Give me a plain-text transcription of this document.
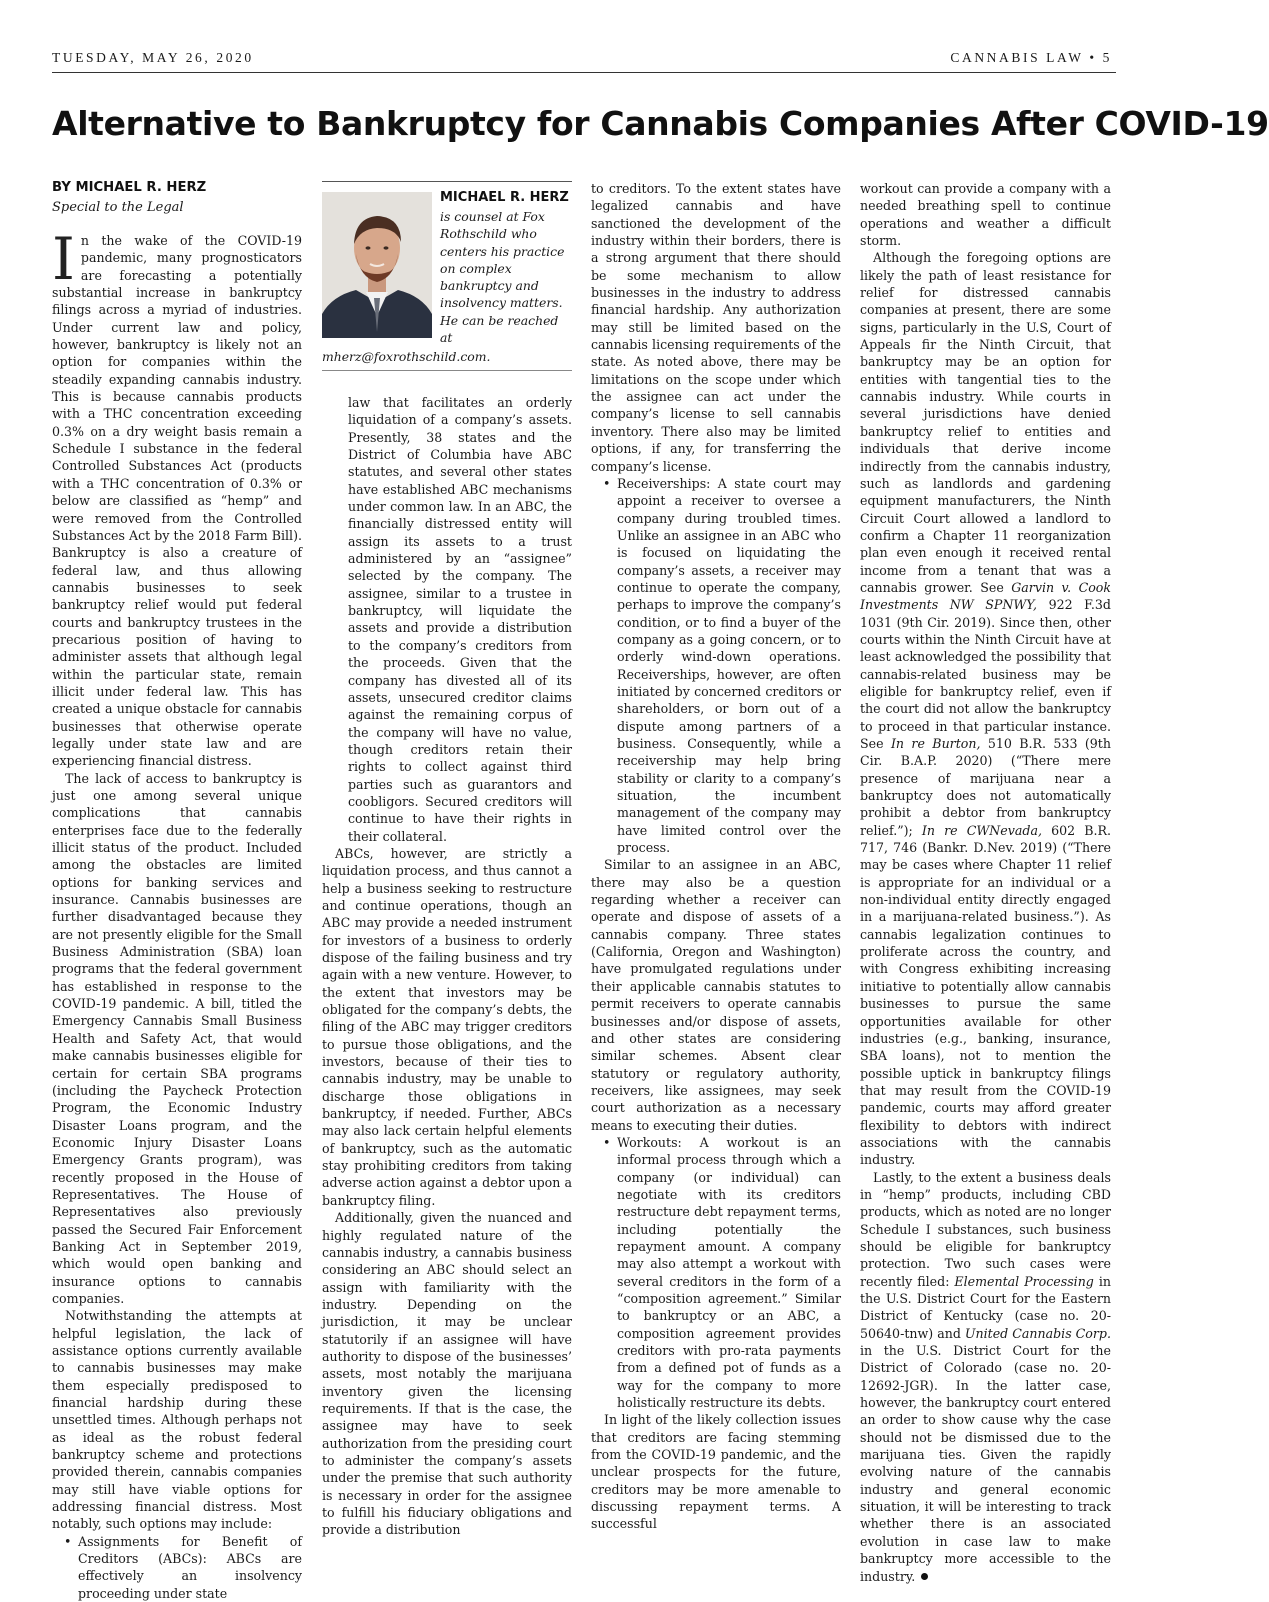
TUESDAY, MAY 26, 2020	CANNABIS LAW • 5
Alternative to Bankruptcy for Cannabis Companies After COVID-19
BY MICHAEL R. HERZ
Special to the Legal

In the wake of the COVID-19 pandemic, many prognosticators are forecasting a potentially substantial increase in bankruptcy filings across a myriad of industries. Under current law and policy, however, bankruptcy is likely not an option for companies within the steadily expanding cannabis industry. This is because cannabis products with a THC concentration exceeding 0.3% on a dry weight basis remain a Schedule I substance in the federal Controlled Substances Act (products with a THC concentration of 0.3% or below are classified as “hemp” and were removed from the Controlled Substances Act by the 2018 Farm Bill). Bankruptcy is also a creature of federal law, and thus allowing cannabis businesses to seek bankruptcy relief would put federal courts and bankruptcy trustees in the precarious position of having to administer assets that although legal within the particular state, remain illicit under federal law. This has created a unique obstacle for cannabis businesses that otherwise operate legally under state law and are experiencing financial distress.

The lack of access to bankruptcy is just one among several unique complications that cannabis enterprises face due to the federally illicit status of the product. Included among the obstacles are limited options for banking services and insurance. Cannabis businesses are further disadvantaged because they are not presently eligible for the Small Business Administration (SBA) loan programs that the federal government has established in response to the COVID-19 pandemic. A bill, titled the Emergency Cannabis Small Business Health and Safety Act, that would make cannabis businesses eligible for certain for certain SBA programs (including the Paycheck Protection Program, the Economic Industry Disaster Loans program, and the Economic Injury Disaster Loans Emergency Grants program), was recently proposed in the House of Representatives. The House of Representatives also previously passed the Secured Fair Enforcement Banking Act in September 2019, which would open banking and insurance options to cannabis companies.

Notwithstanding the attempts at helpful legislation, the lack of assistance options currently available to cannabis businesses may make them especially predisposed to financial hardship during these unsettled times. Although perhaps not as ideal as the robust federal bankruptcy scheme and protections provided therein, cannabis companies may still have viable options for addressing financial distress. Most notably, such options may include:

• Assignments for Benefit of Creditors (ABCs): ABCs are effectively an insolvency proceeding under state
MICHAEL R. HERZ
is counsel at Fox Rothschild who centers his practice on complex bankruptcy and insolvency matters. He can be reached at
mherz@foxrothschild.com.
law that facilitates an orderly liquidation of a company’s assets. Presently, 38 states and the District of Columbia have ABC statutes, and several other states have established ABC mechanisms under common law. In an ABC, the financially distressed entity will assign its assets to a trust administered by an “assignee” selected by the company. The assignee, similar to a trustee in bankruptcy, will liquidate the assets and provide a distribution to the company’s creditors from the proceeds. Given that the company has divested all of its assets, unsecured creditor claims against the remaining corpus of the company will have no value, though creditors retain their rights to collect against third parties such as guarantors and coobligors. Secured creditors will continue to have their rights in their collateral.

ABCs, however, are strictly a liquidation process, and thus cannot a help a business seeking to restructure and continue operations, though an ABC may provide a needed instrument for investors of a business to orderly dispose of the failing business and try again with a new venture. However, to the extent that investors may be obligated for the company’s debts, the filing of the ABC may trigger creditors to pursue those obligations, and the investors, because of their ties to cannabis industry, may be unable to discharge those obligations in bankruptcy, if needed. Further, ABCs may also lack certain helpful elements of bankruptcy, such as the automatic stay prohibiting creditors from taking adverse action against a debtor upon a bankruptcy filing.

Additionally, given the nuanced and highly regulated nature of the cannabis industry, a cannabis business considering an ABC should select an assign with familiarity with the industry. Depending on the jurisdiction, it may be unclear statutorily if an assignee will have authority to dispose of the businesses’ assets, most notably the marijuana inventory given the licensing requirements. If that is the case, the assignee may have to seek authorization from the presiding court to administer the company’s assets under the premise that such authority is necessary in order for the assignee to fulfill his fiduciary obligations and provide a distribution

to creditors. To the extent states have legalized cannabis and have sanctioned the development of the industry within their borders, there is a strong argument that there should be some mechanism to allow businesses in the industry to address financial hardship. Any authorization may still be limited based on the cannabis licensing requirements of the state. As noted above, there may be limitations on the scope under which the assignee can act under the company’s license to sell cannabis inventory. There also may be limited options, if any, for transferring the company’s license.

• Receiverships: A state court may appoint a receiver to oversee a company during troubled times. Unlike an assignee in an ABC who is focused on liquidating the company’s assets, a receiver may continue to operate the company, perhaps to improve the company’s condition, or to find a buyer of the company as a going concern, or to orderly wind-down operations. Receiverships, however, are often initiated by concerned creditors or shareholders, or born out of a dispute among partners of a business. Consequently, while a receivership may help bring stability or clarity to a company’s situation, the incumbent management of the company may have limited control over the process.

Similar to an assignee in an ABC, there may also be a question regarding whether a receiver can operate and dispose of assets of a cannabis company. Three states (California, Oregon and Washington) have promulgated regulations under their applicable cannabis statutes to permit receivers to operate cannabis businesses and/or dispose of assets, and other states are considering similar schemes. Absent clear statutory or regulatory authority, receivers, like assignees, may seek court authorization as a necessary means to executing their duties.

• Workouts: A workout is an informal process through which a company (or individual) can negotiate with its creditors restructure debt repayment terms, including potentially the repayment amount. A company may also attempt a workout with several creditors in the form of a “composition agreement.” Similar to bankruptcy or an ABC, a composition agreement provides creditors with pro-rata payments from a defined pot of funds as a way for the company to more holistically restructure its debts.

In light of the likely collection issues that creditors are facing stemming from the COVID-19 pandemic, and the unclear prospects for the future, creditors may be more amenable to discussing repayment terms. A successful

workout can provide a company with a needed breathing spell to continue operations and weather a difficult storm.

Although the foregoing options are likely the path of least resistance for relief for distressed cannabis companies at present, there are some signs, particularly in the U.S, Court of Appeals fir the Ninth Circuit, that bankruptcy may be an option for entities with tangential ties to the cannabis industry. While courts in several jurisdictions have denied bankruptcy relief to entities and individuals that derive income indirectly from the cannabis industry, such as landlords and gardening equipment manufacturers, the Ninth Circuit Court allowed a landlord to confirm a Chapter 11 reorganization plan even enough it received rental income from a tenant that was a cannabis grower. See Garvin v. Cook Investments NW SPNWY, 922 F.3d 1031 (9th Cir. 2019). Since then, other courts within the Ninth Circuit have at least acknowledged the possibility that cannabis-related business may be eligible for bankruptcy relief, even if the court did not allow the bankruptcy to proceed in that particular instance. See In re Burton, 510 B.R. 533 (9th Cir. B.A.P. 2020) (“There mere presence of marijuana near a bankruptcy does not automatically prohibit a debtor from bankruptcy relief.”); In re CWNevada, 602 B.R. 717, 746 (Bankr. D.Nev. 2019) (“There may be cases where Chapter 11 relief is appropriate for an individual or a non-individual entity directly engaged in a marijuana-related business.”). As cannabis legalization continues to proliferate across the country, and with Congress exhibiting increasing initiative to potentially allow cannabis businesses to pursue the same opportunities available for other industries (e.g., banking, insurance, SBA loans), not to mention the possible uptick in bankruptcy filings that may result from the COVID-19 pandemic, courts may afford greater flexibility to debtors with indirect associations with the cannabis industry.

Lastly, to the extent a business deals in “hemp” products, including CBD products, which as noted are no longer Schedule I substances, such business should be eligible for bankruptcy protection. Two such cases were recently filed: Elemental Processing in the U.S. District Court for the Eastern District of Kentucky (case no. 20-50640-tnw) and United Cannabis Corp. in the U.S. District Court for the District of Colorado (case no. 20-12692-JGR). In the latter case, however, the bankruptcy court entered an order to show cause why the case should not be dismissed due to the marijuana ties. Given the rapidly evolving nature of the cannabis industry and general economic situation, it will be interesting to track whether there is an associated evolution in case law to make bankruptcy more accessible to the industry.
